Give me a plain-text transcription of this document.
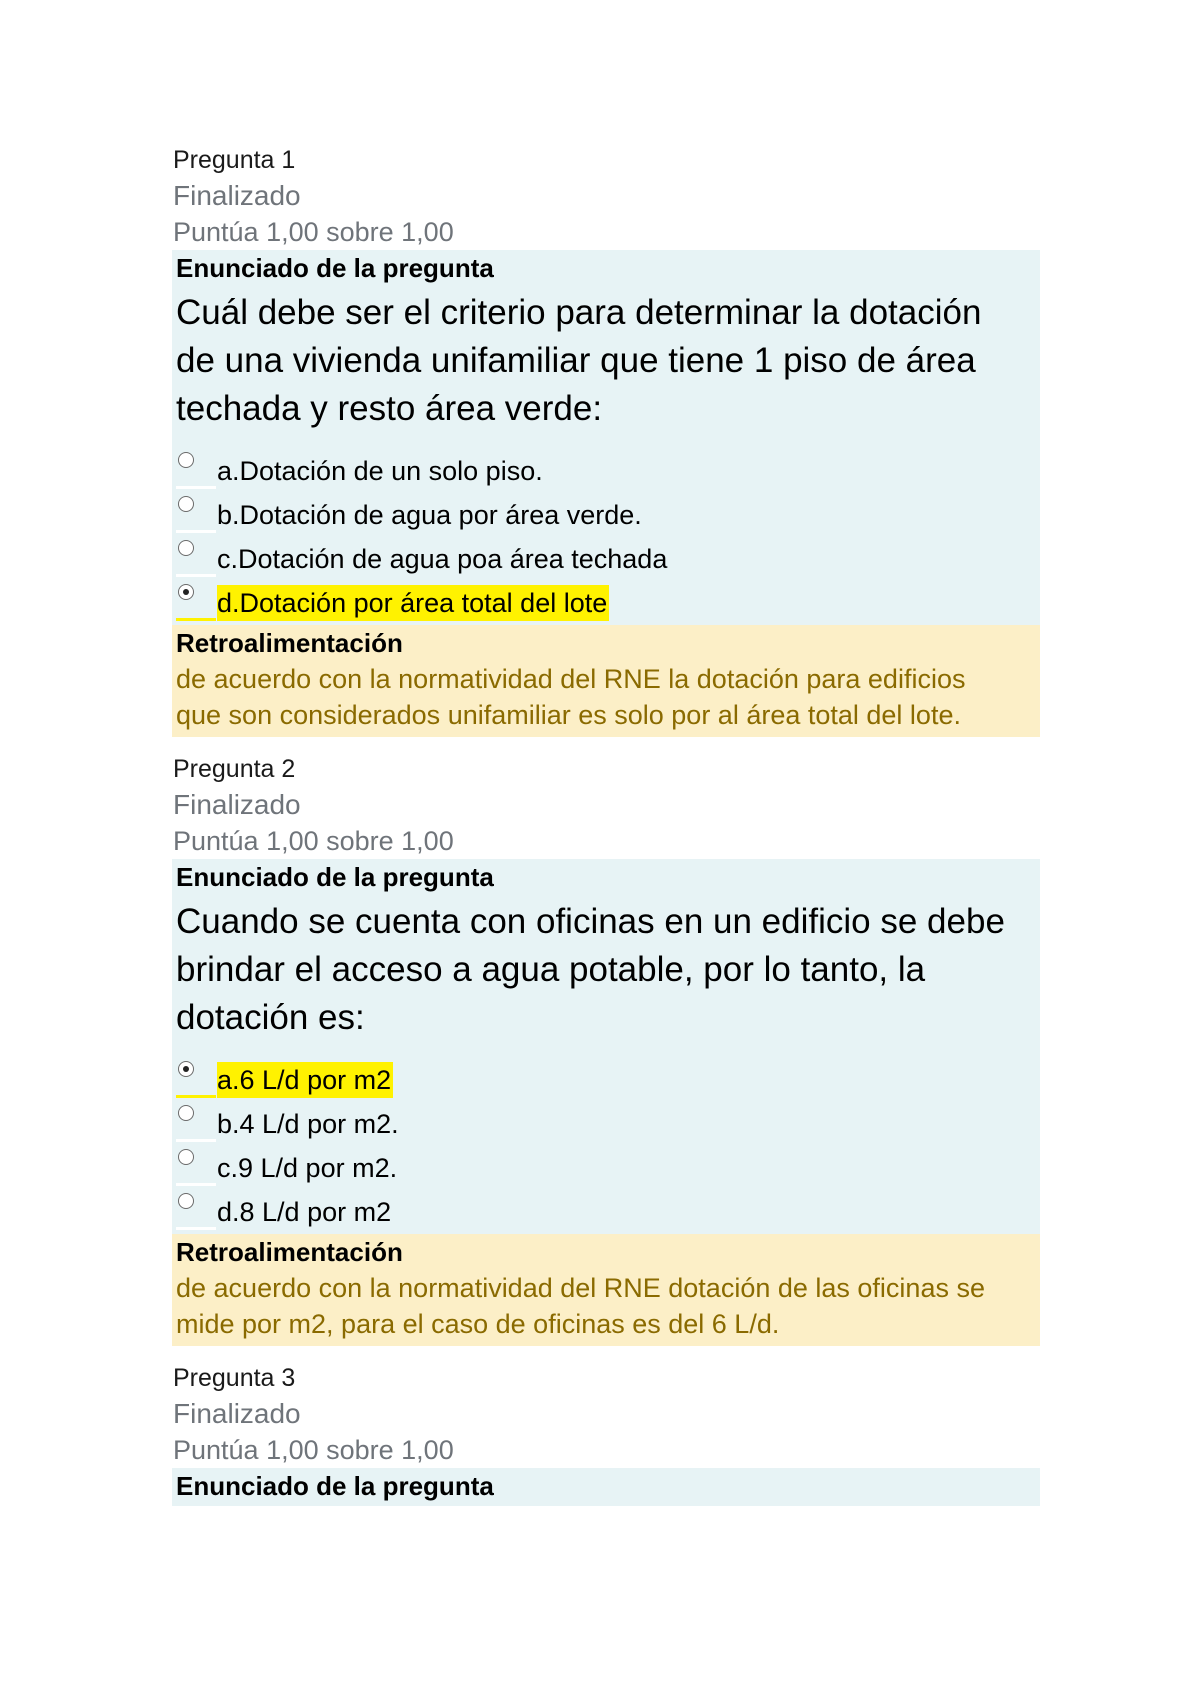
Pregunta 1
Finalizado
Puntúa 1,00 sobre 1,00
Enunciado de la pregunta
Cuál debe ser el criterio para determinar la dotación de una vivienda unifamiliar que tiene 1 piso de área techada y resto área verde:
a.Dotación de un solo piso.
b.Dotación de agua por área verde.
c.Dotación de agua poa área techada
d.Dotación por área total del lote
Retroalimentación
de acuerdo con la normatividad del RNE la dotación para edificios que son considerados unifamiliar es solo por al área total del lote.
Pregunta 2
Finalizado
Puntúa 1,00 sobre 1,00
Enunciado de la pregunta
Cuando se cuenta con oficinas en un edificio se debe brindar el acceso a agua potable, por lo tanto, la dotación es:
a.6 L/d por m2
b.4 L/d por m2.
c.9 L/d por m2.
d.8 L/d por m2
Retroalimentación
de acuerdo con la normatividad del RNE dotación de las oficinas se mide por m2, para el caso de oficinas es del 6 L/d.
Pregunta 3
Finalizado
Puntúa 1,00 sobre 1,00
Enunciado de la pregunta
